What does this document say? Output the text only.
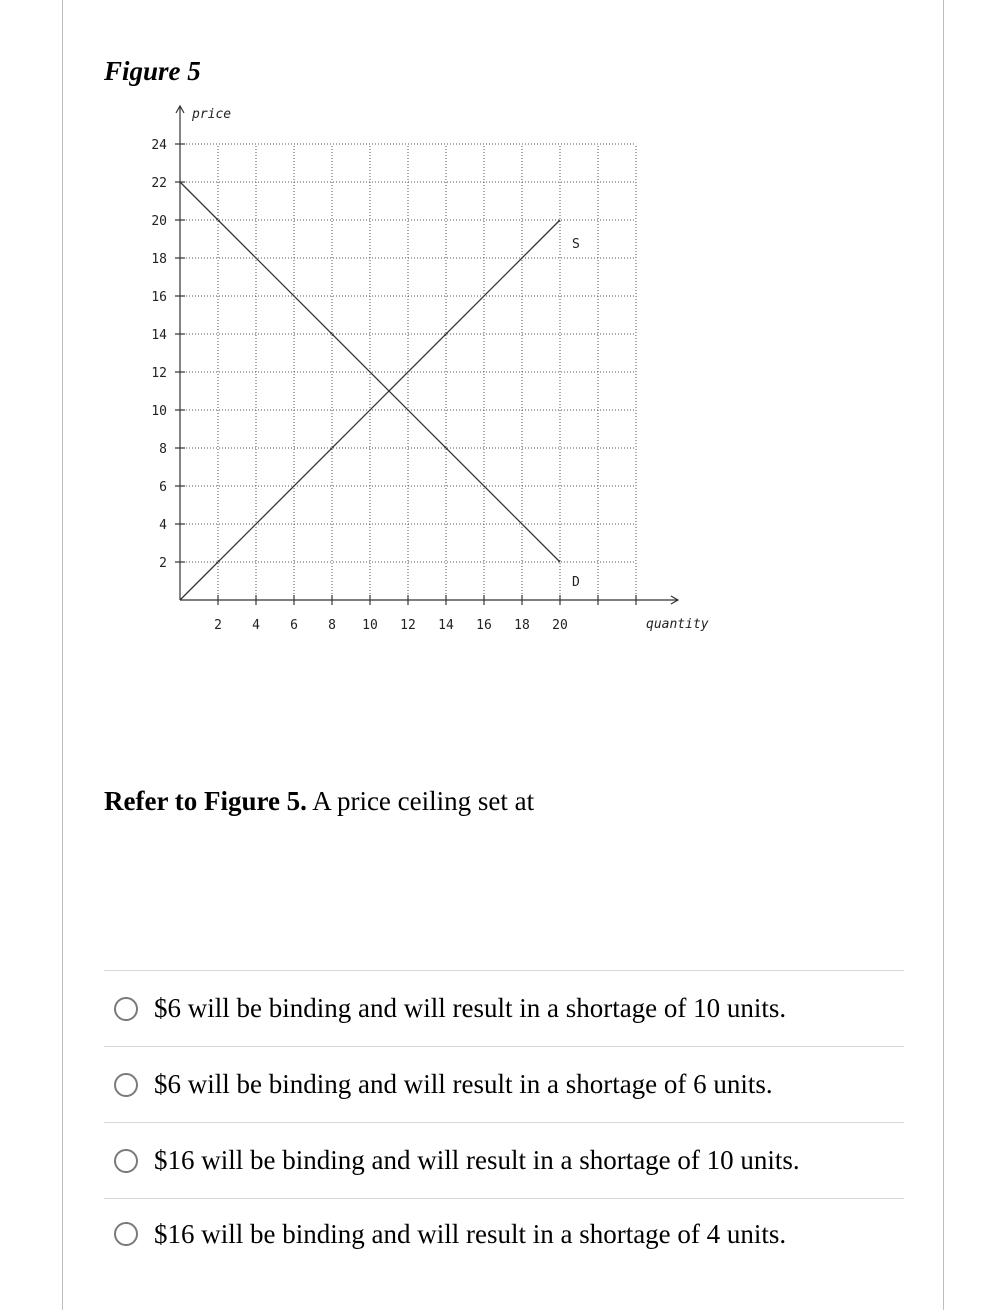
Figure 5
2
4
6
8
10
12
14
16
18
20
22
24
2 4 6 8 10 12 14 16 18 20
price
quantity
S
D
Refer to Figure 5. A price ceiling set at
$6 will be binding and will result in a shortage of 10 units.
$6 will be binding and will result in a shortage of 6 units.
$16 will be binding and will result in a shortage of 10 units.
$16 will be binding and will result in a shortage of 4 units.
